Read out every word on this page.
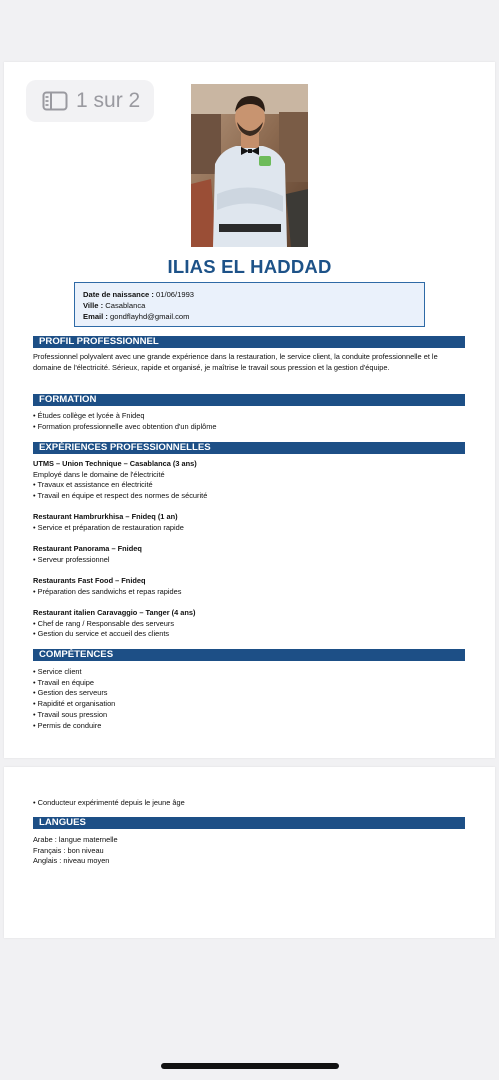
1 sur 2
ILIAS EL HADDAD
Date de naissance : 01/06/1993
Ville : Casablanca
Email : gondflayhd@gmail.com
PROFIL PROFESSIONNEL
Professionnel polyvalent avec une grande expérience dans la restauration, le service client, la conduite professionnelle et le domaine de l'électricité. Sérieux, rapide et organisé, je maîtrise le travail sous pression et la gestion d'équipe.
FORMATION
• Études collège et lycée à Fnideq
• Formation professionnelle avec obtention d'un diplôme
EXPÉRIENCES PROFESSIONNELLES
UTMS – Union Technique – Casablanca (3 ans)
Employé dans le domaine de l'électricité
• Travaux et assistance en électricité
• Travail en équipe et respect des normes de sécurité
Restaurant Hambrurkhisa – Fnideq (1 an)
• Service et préparation de restauration rapide
Restaurant Panorama – Fnideq
• Serveur professionnel
Restaurants Fast Food – Fnideq
• Préparation des sandwichs et repas rapides
Restaurant italien Caravaggio – Tanger (4 ans)
• Chef de rang / Responsable des serveurs
• Gestion du service et accueil des clients
COMPÉTENCES
• Service client
• Travail en équipe
• Gestion des serveurs
• Rapidité et organisation
• Travail sous pression
• Permis de conduire
• Conducteur expérimenté depuis le jeune âge
LANGUES
Arabe : langue maternelle
Français : bon niveau
Anglais : niveau moyen
